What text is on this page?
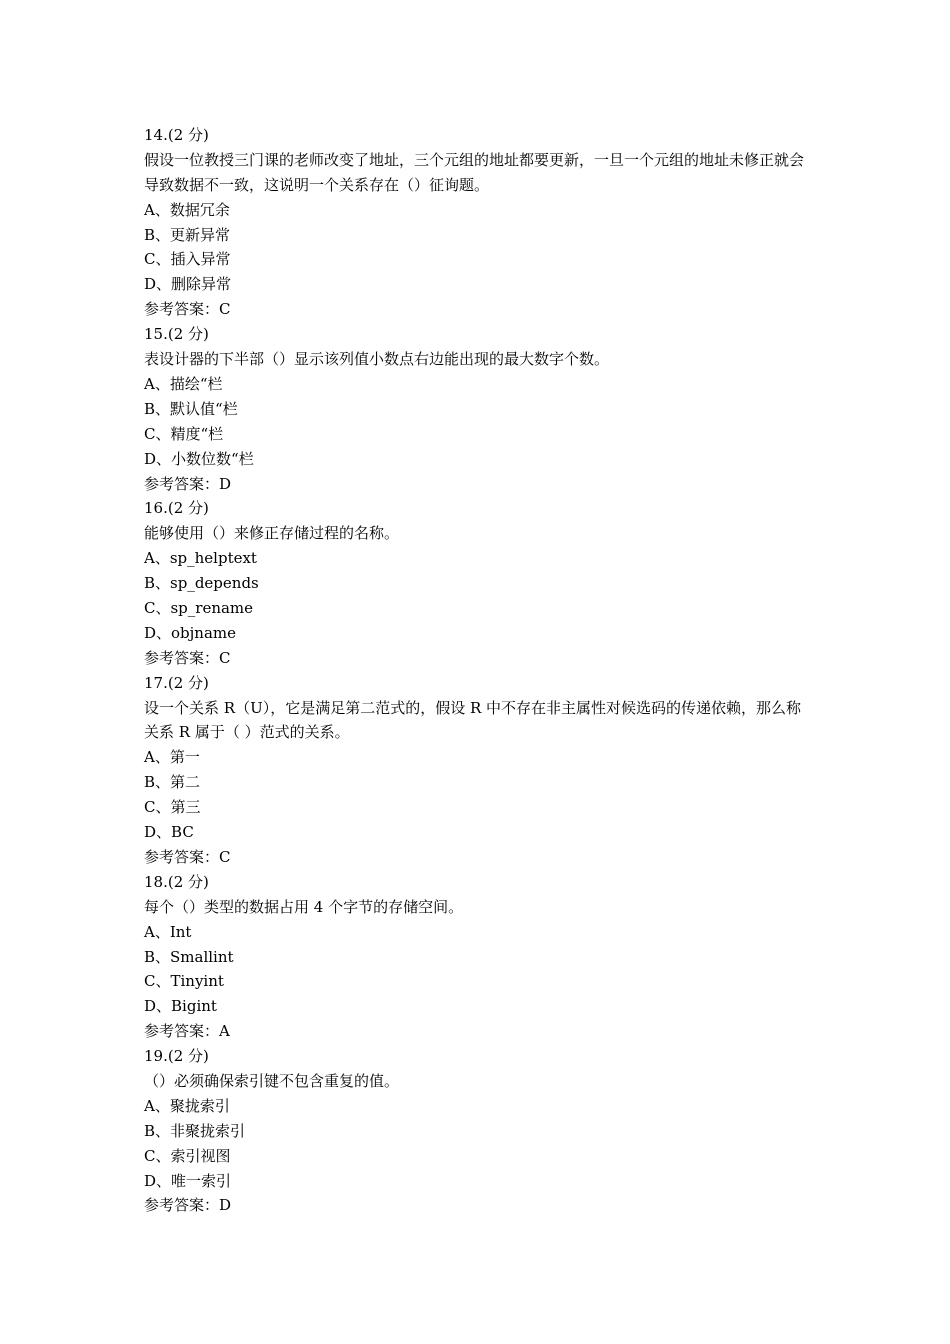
14.(2 分)
假设一位教授三门课的老师改变了地址，三个元组的地址都要更新，一旦一个元组的地址未修正就会导致数据不一致，这说明一个关系存在（）征询题。
A、数据冗余
B、更新异常
C、插入异常
D、删除异常
参考答案：C
15.(2 分)
表设计器的下半部（）显示该列值小数点右边能出现的最大数字个数。
A、描绘“栏
B、默认值“栏
C、精度“栏
D、小数位数“栏
参考答案：D
16.(2 分)
能够使用（）来修正存储过程的名称。
A、sp_helptext
B、sp_depends
C、sp_rename
D、objname
参考答案：C
17.(2 分)
设一个关系 R（U），它是满足第二范式的，假设 R 中不存在非主属性对候选码的传递依赖，那么称关系 R 属于（ ）范式的关系。
A、第一
B、第二
C、第三
D、BC
参考答案：C
18.(2 分)
每个（）类型的数据占用 4 个字节的存储空间。
A、Int
B、Smallint
C、Tinyint
D、Bigint
参考答案：A
19.(2 分)
（）必须确保索引键不包含重复的值。
A、聚拢索引
B、非聚拢索引
C、索引视图
D、唯一索引
参考答案：D
